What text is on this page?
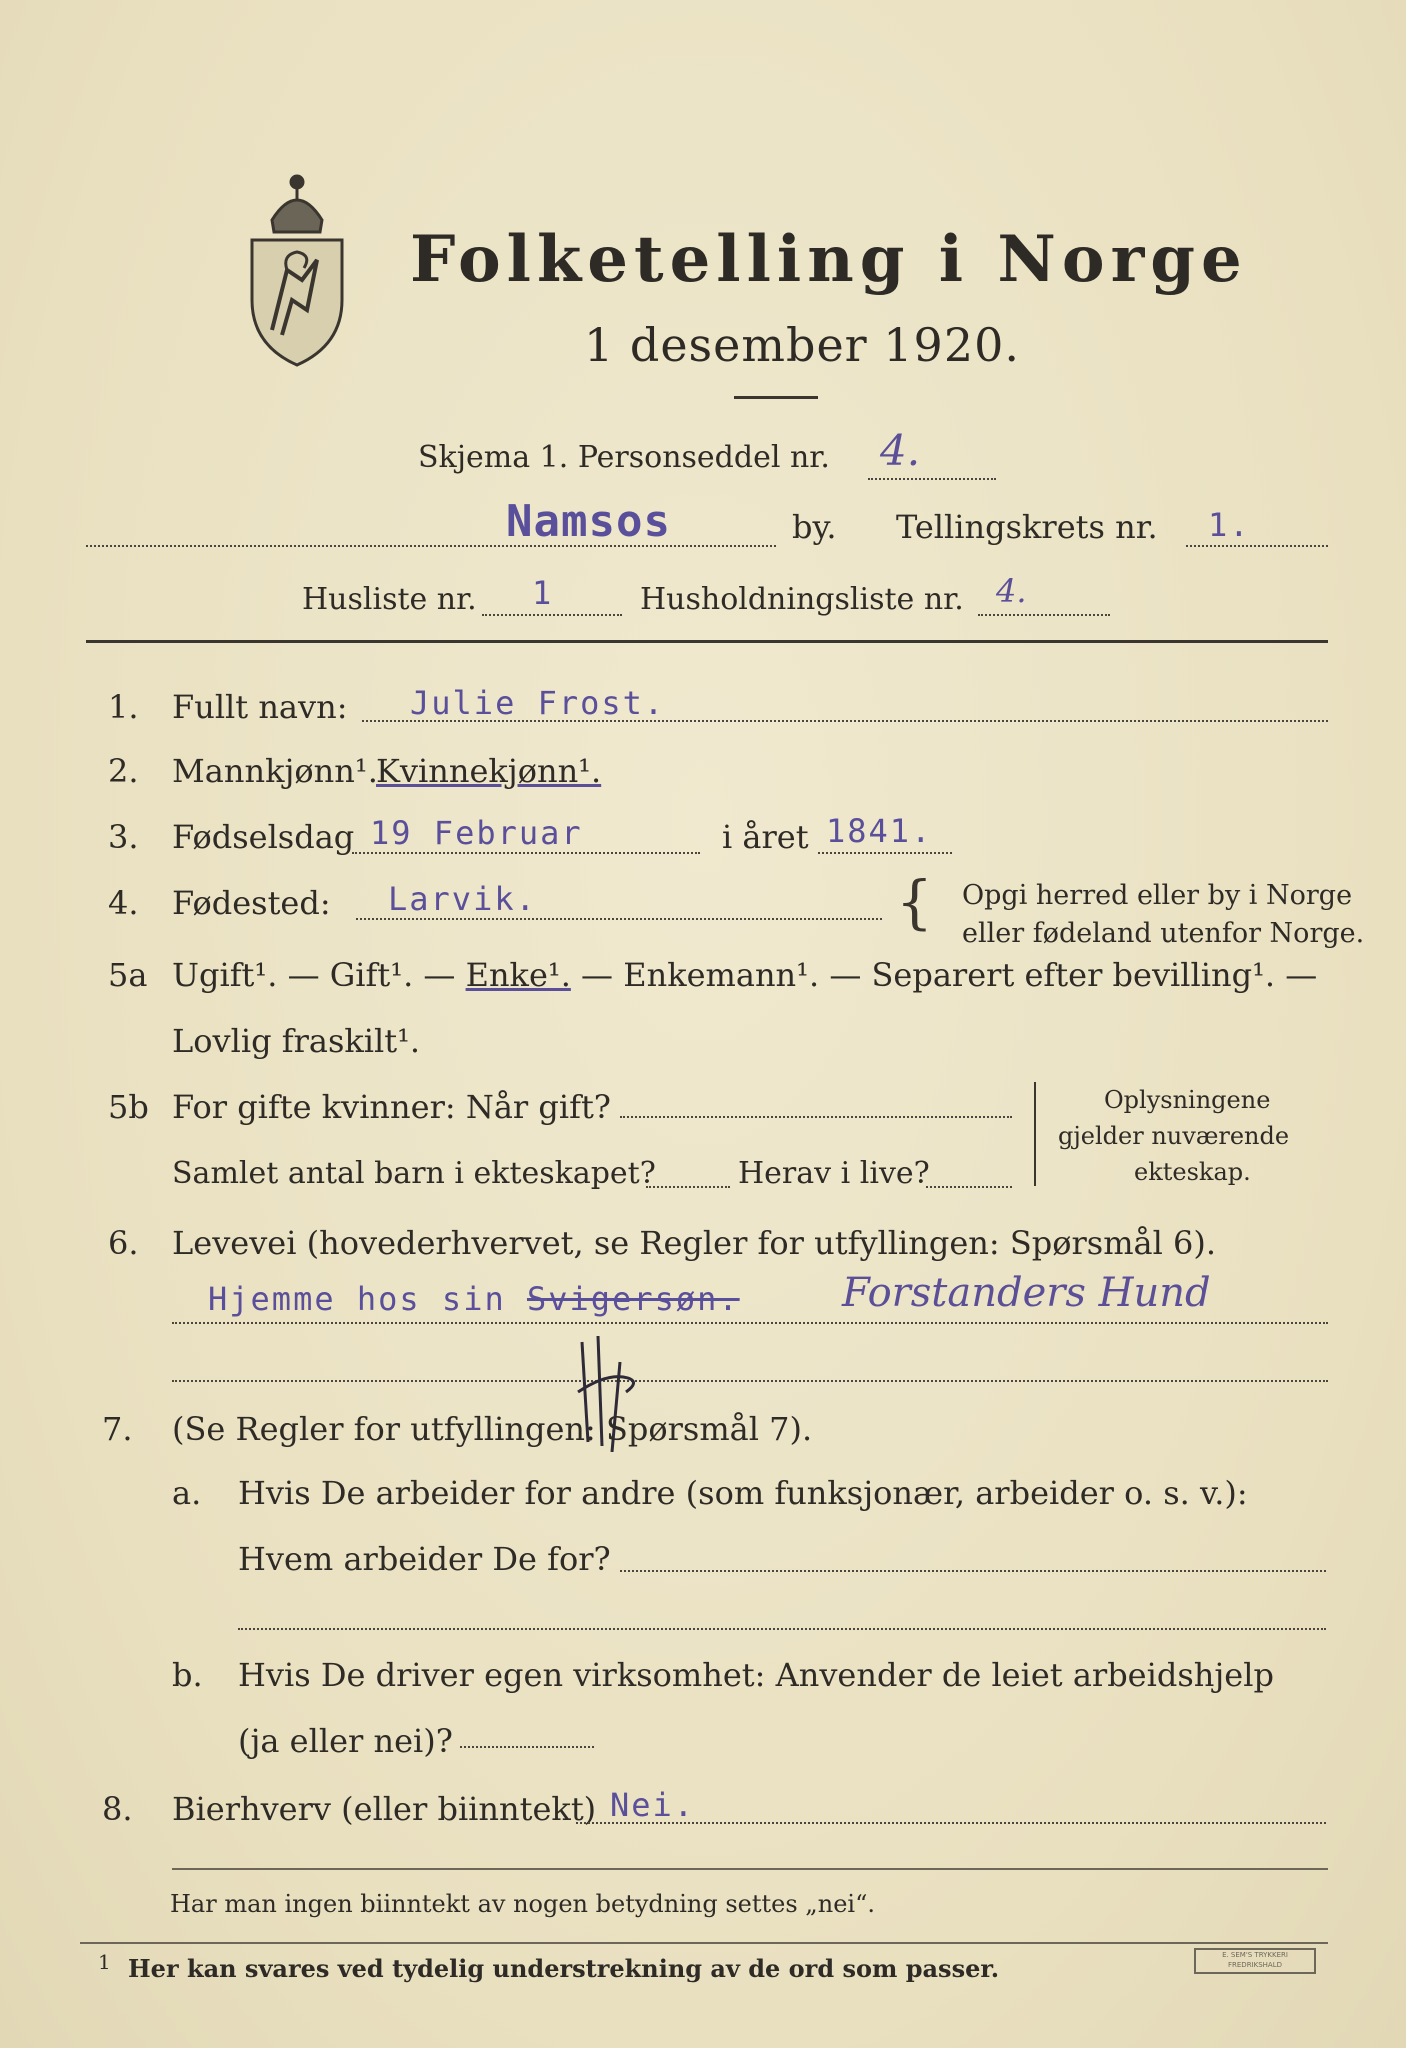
Folketelling i Norge
1 desember 1920.
Skjema 1. Personseddel nr. 4.
Namsos	by. Tellingskrets nr. 1.
Husliste nr. 1	Husholdningsliste nr. 4.
1. Fullt navn: Julie Frost.
2. Mannkjønn¹.
Kvinnekjønn¹.
3. Fødselsdag 19 Februar	i året 1841.
4. Fødested: Larvik.	{ Opgi herred eller by i Norge
eller fødeland utenfor Norge.
5a Ugift¹. — Gift¹. — Enke¹. — Enkemann¹. — Separert efter bevilling¹. —
Lovlig fraskilt¹.
5b For gifte kvinner: Når gift?
Samlet antal barn i ekteskapet?	Herav i live?
Oplysningene
gjelder nuværende
ekteskap.
6. Levevei (hovederhvervet, se Regler for utfyllingen: Spørsmål 6).
Hjemme hos sin Svigersøn.	Forstanders Hund
7. (Se Regler for utfyllingen: Spørsmål 7).
a. Hvis De arbeider for andre (som funksjonær, arbeider o. s. v.):
Hvem arbeider De for?
b. Hvis De driver egen virksomhet: Anvender de leiet arbeidshjelp
(ja eller nei)?
8. Bierhverv (eller biinntekt) Nei.
Har man ingen biinntekt av nogen betydning settes „nei“.
1 Her kan svares ved tydelig understrekning av de ord som passer.	E. SEM'S TRYKKERI FREDRIKSHALD
